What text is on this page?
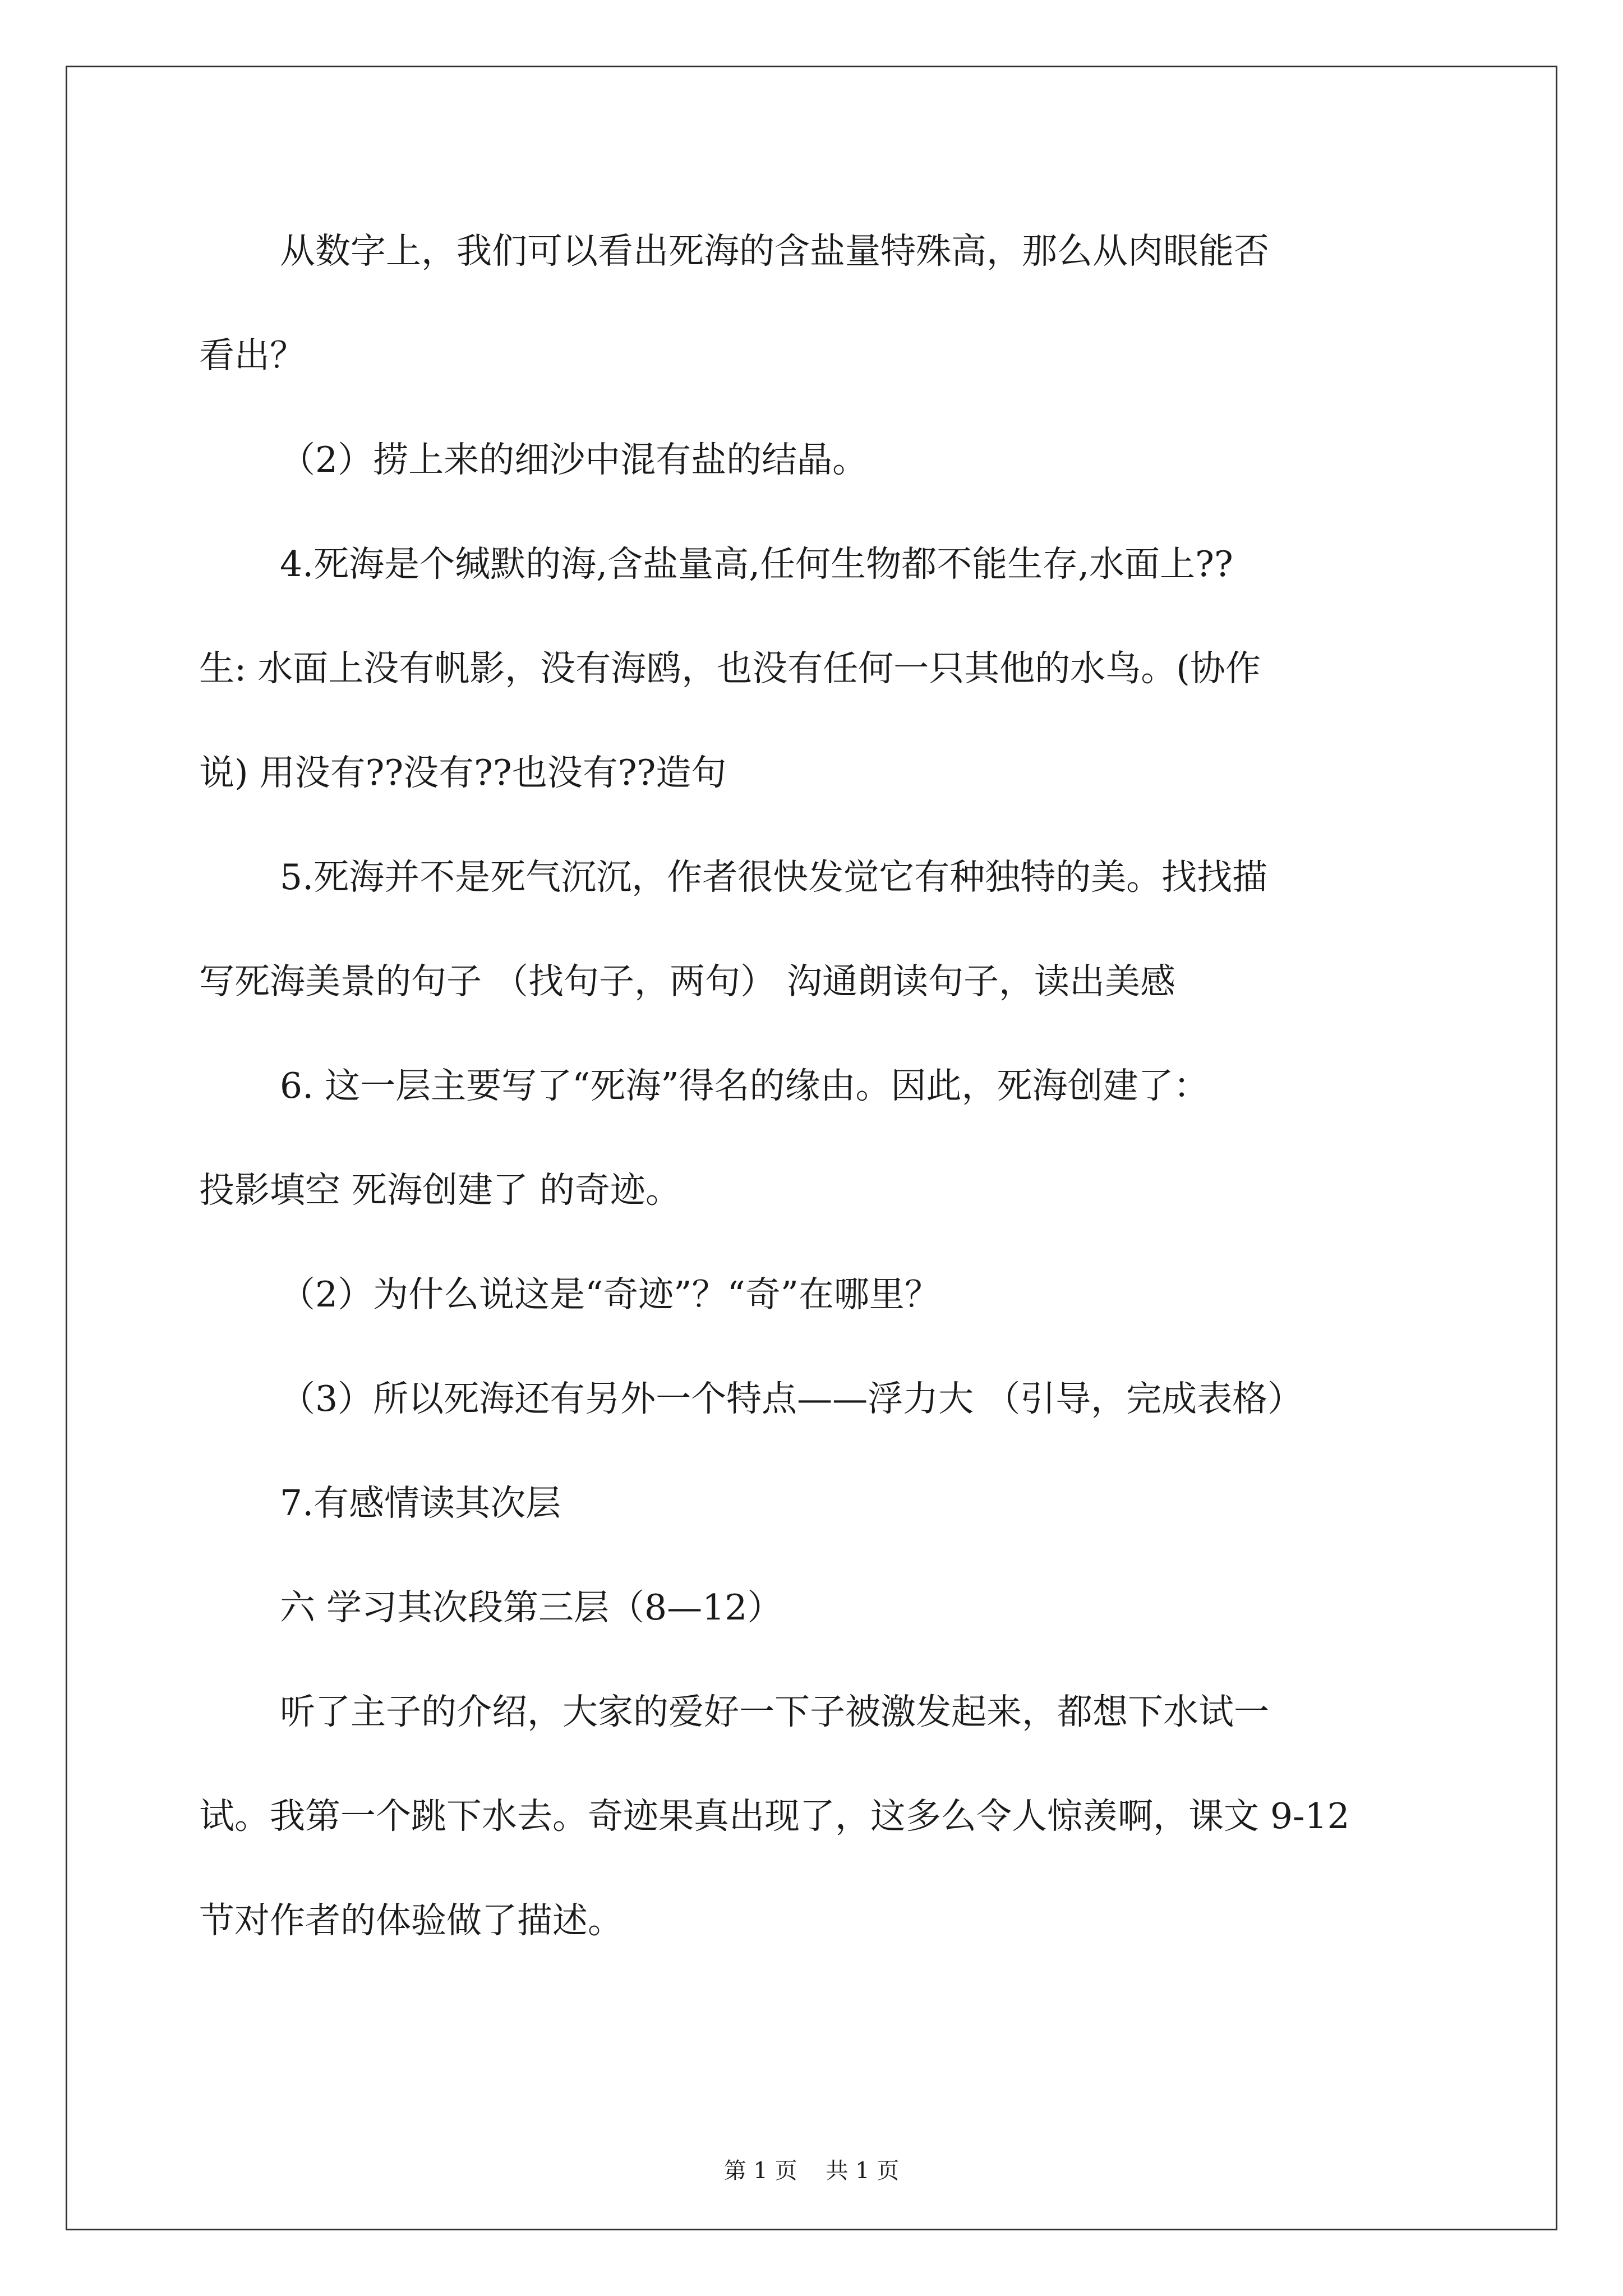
从数字上，我们可以看出死海的含盐量特殊高，那么从肉眼能否
看出？
（2）捞上来的细沙中混有盐的结晶。
4.死海是个缄默的海,含盐量高,任何生物都不能生存,水面上??
生: 水面上没有帆影，没有海鸥，也没有任何一只其他的水鸟。(协作
说) 用没有??没有??也没有??造句
5.死海并不是死气沉沉，作者很快发觉它有种独特的美。找找描
写死海美景的句子 （找句子，两句） 沟通朗读句子，读出美感
6. 这一层主要写了“死海”得名的缘由。因此，死海创建了：
投影填空 死海创建了 的奇迹。
（2）为什么说这是“奇迹”？“奇”在哪里？
（3）所以死海还有另外一个特点——浮力大 （引导，完成表格）
7.有感情读其次层
六 学习其次段第三层（8—12）
听了主子的介绍，大家的爱好一下子被激发起来，都想下水试一
试。我第一个跳下水去。奇迹果真出现了，这多么令人惊羡啊，课文 9-12
节对作者的体验做了描述。
第 1 页    共 1 页
